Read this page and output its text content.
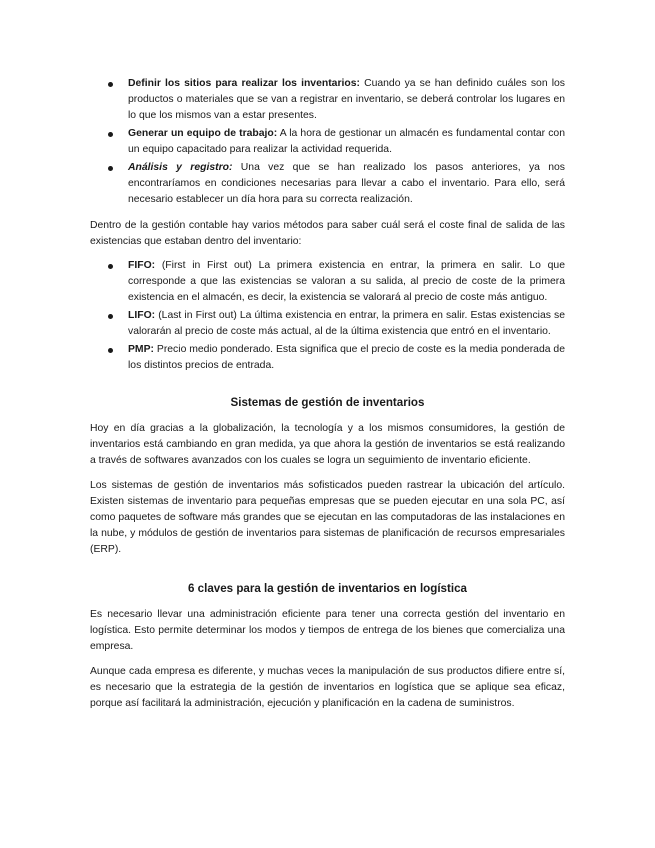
Definir los sitios para realizar los inventarios: Cuando ya se han definido cuáles son los productos o materiales que se van a registrar en inventario, se deberá controlar los lugares en lo que los mismos van a estar presentes.
Generar un equipo de trabajo: A la hora de gestionar un almacén es fundamental contar con un equipo capacitado para realizar la actividad requerida.
Análisis y registro: Una vez que se han realizado los pasos anteriores, ya nos encontraríamos en condiciones necesarias para llevar a cabo el inventario. Para ello, será necesario establecer un día hora para su correcta realización.

Dentro de la gestión contable hay varios métodos para saber cuál será el coste final de salida de las existencias que estaban dentro del inventario:

FIFO: (First in First out) La primera existencia en entrar, la primera en salir. Lo que corresponde a que las existencias se valoran a su salida, al precio de coste de la primera existencia en el almacén, es decir, la existencia se valorará al precio de coste más antiguo.
LIFO: (Last in First out) La última existencia en entrar, la primera en salir. Estas existencias se valorarán al precio de coste más actual, al de la última existencia que entró en el inventario.
PMP: Precio medio ponderado. Esta significa que el precio de coste es la media ponderada de los distintos precios de entrada.
Sistemas de gestión de inventarios

Hoy en día gracias a la globalización, la tecnología y a los mismos consumidores, la gestión de inventarios está cambiando en gran medida, ya que ahora la gestión de inventarios se está realizando a través de softwares avanzados con los cuales se logra un seguimiento de inventario eficiente.

Los sistemas de gestión de inventarios más sofisticados pueden rastrear la ubicación del artículo. Existen sistemas de inventario para pequeñas empresas que se pueden ejecutar en una sola PC, así como paquetes de software más grandes que se ejecutan en las computadoras de las instalaciones en la nube, y módulos de gestión de inventarios para sistemas de planificación de recursos empresariales (ERP).

6 claves para la gestión de inventarios en logística

Es necesario llevar una administración eficiente para tener una correcta gestión del inventario en logística. Esto permite determinar los modos y tiempos de entrega de los bienes que comercializa una empresa.

Aunque cada empresa es diferente, y muchas veces la manipulación de sus productos difiere entre sí, es necesario que la estrategia de la gestión de inventarios en logística que se aplique sea eficaz, porque así facilitará la administración, ejecución y planificación en la cadena de suministros.
